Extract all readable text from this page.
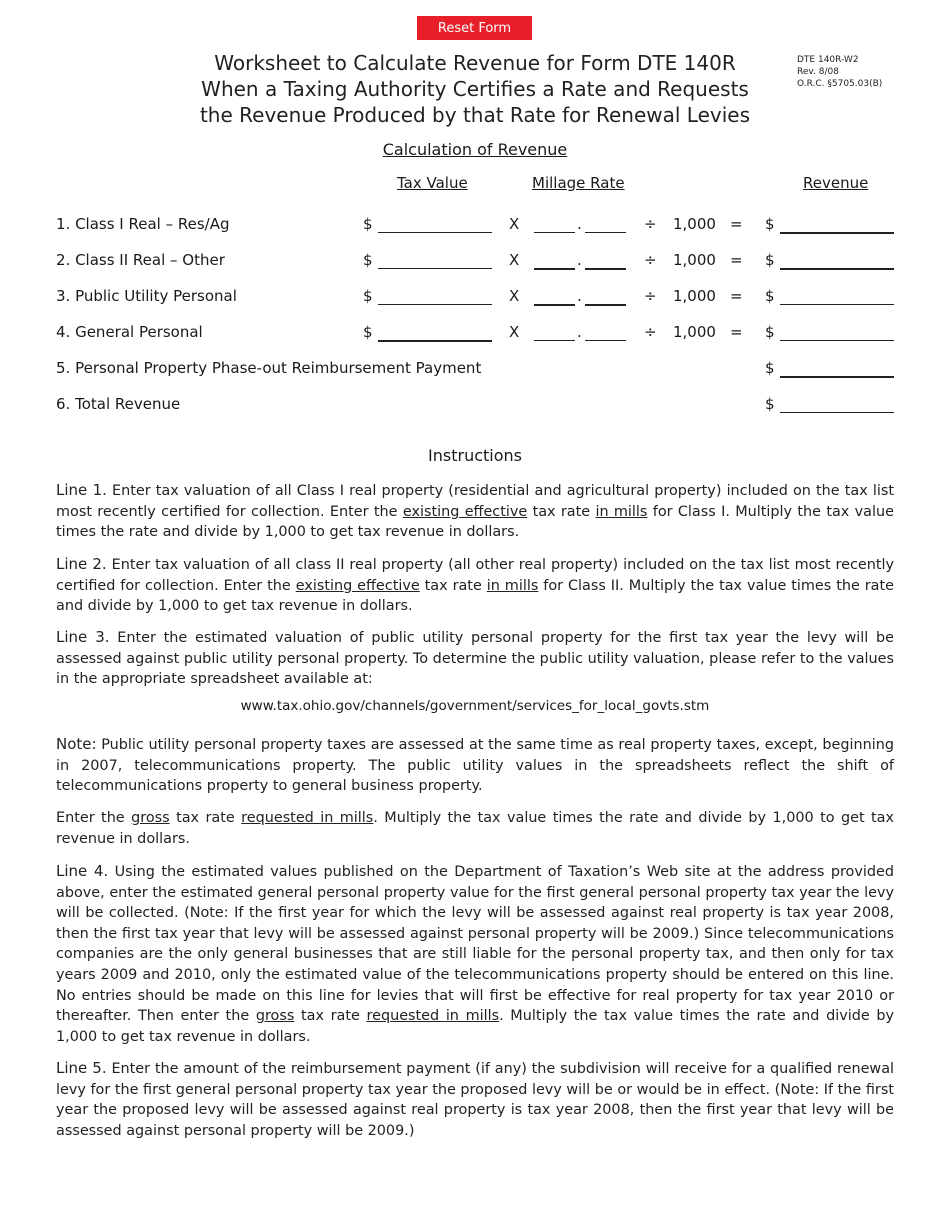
Reset Form
Worksheet to Calculate Revenue for Form DTE 140R
When a Taxing Authority Certifies a Rate and Requests
the Revenue Produced by that Rate for Renewal Levies
DTE 140R-W2
Rev. 8/08
O.R.C. §5705.03(B)
Calculation of Revenue
Tax Value	Millage Rate	Revenue
1. Class I Real – Res/Ag	$	X	.	÷ 1,000 = $
2. Class II Real – Other	$	X	.	÷ 1,000 = $
3. Public Utility Personal	$	X	.	÷ 1,000 = $
4. General Personal	$	X	.	÷ 1,000 = $
5. Personal Property Phase-out Reimbursement Payment	$
6. Total Revenue	$
Instructions
Line 1. Enter tax valuation of all Class I real property (residential and agricultural property) included on the tax list most recently certified for collection. Enter the existing effective tax rate in mills for Class I. Multiply the tax value times the rate and divide by 1,000 to get tax revenue in dollars.
Line 2. Enter tax valuation of all class II real property (all other real property) included on the tax list most recently certified for collection. Enter the existing effective tax rate in mills for Class II. Multiply the tax value times the rate and divide by 1,000 to get tax revenue in dollars.
Line 3. Enter the estimated valuation of public utility personal property for the first tax year the levy will be assessed against public utility personal property. To determine the public utility valuation, please refer to the values in the appropriate spreadsheet available at:
www.tax.ohio.gov/channels/government/services_for_local_govts.stm
Note: Public utility personal property taxes are assessed at the same time as real property taxes, except, beginning in 2007, telecommunications property. The public utility values in the spreadsheets reflect the shift of telecommunications property to general business property.
Enter the gross tax rate requested in mills. Multiply the tax value times the rate and divide by 1,000 to get tax revenue in dollars.
Line 4. Using the estimated values published on the Department of Taxation’s Web site at the address provided above, enter the estimated general personal property value for the first general personal property tax year the levy will be collected. (Note: If the first year for which the levy will be assessed against real property is tax year 2008, then the first tax year that levy will be assessed against personal property will be 2009.) Since telecommunications companies are the only general businesses that are still liable for the personal property tax, and then only for tax years 2009 and 2010, only the estimated value of the telecommunications property should be entered on this line. No entries should be made on this line for levies that will first be effective for real property for tax year 2010 or thereafter. Then enter the gross tax rate requested in mills. Multiply the tax value times the rate and divide by 1,000 to get tax revenue in dollars.
Line 5. Enter the amount of the reimbursement payment (if any) the subdivision will receive for a qualified renewal levy for the first general personal property tax year the proposed levy will be or would be in effect. (Note: If the first year the proposed levy will be assessed against real property is tax year 2008, then the first year that levy will be assessed against personal property will be 2009.)
